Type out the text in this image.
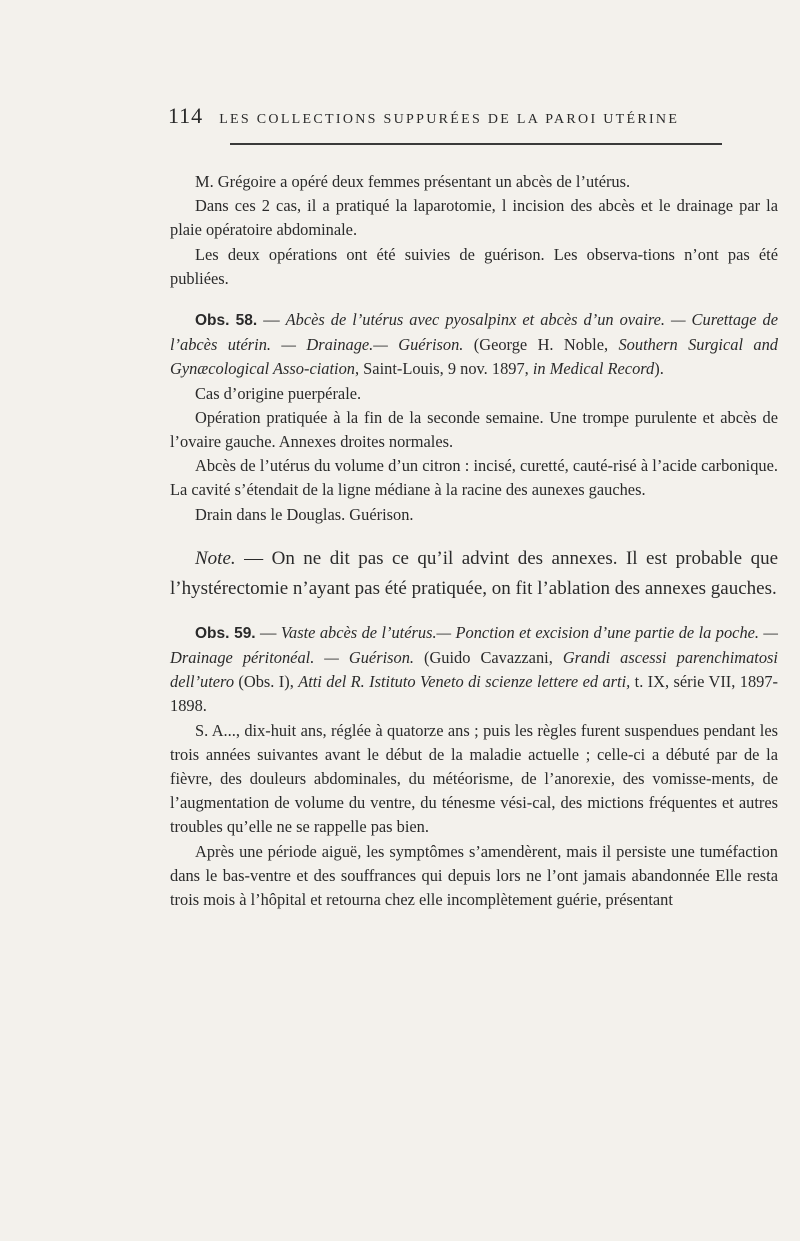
114 LES COLLECTIONS SUPPURÉES DE LA PAROI UTÉRINE

M. Grégoire a opéré deux femmes présentant un abcès de l’utérus.

Dans ces 2 cas, il a pratiqué la laparotomie, l incision des abcès et le drainage par la plaie opératoire abdominale.

Les deux opérations ont été suivies de guérison. Les observa-tions n’ont pas été publiées.

Obs. 58. — Abcès de l’utérus avec pyosalpinx et abcès d’un ovaire. — Curettage de l’abcès utérin. — Drainage.— Guérison. (George H. Noble, Southern Surgical and Gynæcological Asso-ciation, Saint-Louis, 9 nov. 1897, in Medical Record).

Cas d’origine puerpérale.

Opération pratiquée à la fin de la seconde semaine. Une trompe purulente et abcès de l’ovaire gauche. Annexes droites normales.

Abcès de l’utérus du volume d’un citron : incisé, curetté, cauté-risé à l’acide carbonique. La cavité s’étendait de la ligne médiane à la racine des aunexes gauches.

Drain dans le Douglas. Guérison.

Note. — On ne dit pas ce qu’il advint des annexes. Il est probable que l’hystérectomie n’ayant pas été pratiquée, on fit l’ablation des annexes gauches.

Obs. 59. — Vaste abcès de l’utérus.— Ponction et excision d’une partie de la poche. — Drainage péritonéal. — Guérison. (Guido Cavazzani, Grandi ascessi parenchimatosi dell’utero (Obs. I), Atti del R. Istituto Veneto di scienze lettere ed arti, t. IX, série VII, 1897-1898.

S. A..., dix-huit ans, réglée à quatorze ans ; puis les règles furent suspendues pendant les trois années suivantes avant le début de la maladie actuelle ; celle-ci a débuté par de la fièvre, des douleurs abdominales, du météorisme, de l’anorexie, des vomisse-ments, de l’augmentation de volume du ventre, du ténesme vési-cal, des mictions fréquentes et autres troubles qu’elle ne se rappelle pas bien.

Après une période aiguë, les symptômes s’amendèrent, mais il persiste une tuméfaction dans le bas-ventre et des souffrances qui depuis lors ne l’ont jamais abandonnée Elle resta trois mois à l’hôpital et retourna chez elle incomplètement guérie, présentant
